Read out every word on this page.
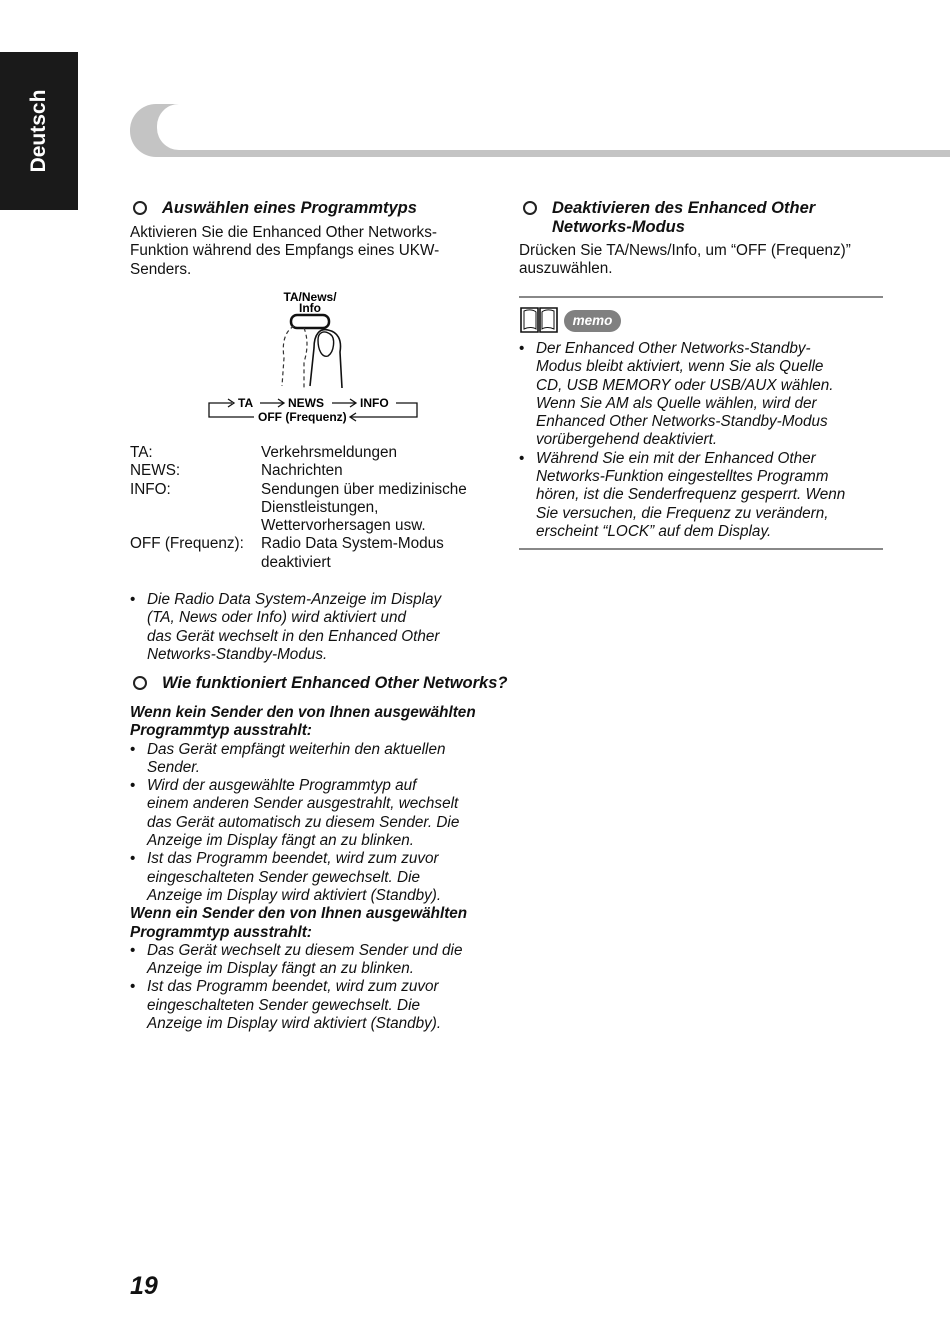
Deutsch
Auswählen eines Programmtyps
Aktivieren Sie die Enhanced Other Networks-
Funktion während des Empfangs eines UKW-
Senders.
TA/News/
Info
TA	NEWS	INFO
OFF (Frequenz)
TA:	Verkehrsmeldungen
NEWS:	Nachrichten
INFO:	Sendungen über medizinische
Dienstleistungen,
Wettervorhersagen usw.

OFF (Frequenz):	Radio Data System-Modus
deaktiviert
• Die Radio Data System-Anzeige im Display
(TA, News oder Info) wird aktiviert und
das Gerät wechselt in den Enhanced Other
Networks-Standby-Modus.
Wie funktioniert Enhanced Other Networks?
Wenn kein Sender den von Ihnen ausgewählten
Programmtyp ausstrahlt:
• Das Gerät empfängt weiterhin den aktuellen
Sender.
• Wird der ausgewählte Programmtyp auf
einem anderen Sender ausgestrahlt, wechselt
das Gerät automatisch zu diesem Sender. Die
Anzeige im Display fängt an zu blinken.
• Ist das Programm beendet, wird zum zuvor
eingeschalteten Sender gewechselt. Die
Anzeige im Display wird aktiviert (Standby).
Wenn ein Sender den von Ihnen ausgewählten
Programmtyp ausstrahlt:
• Das Gerät wechselt zu diesem Sender und die
Anzeige im Display fängt an zu blinken.
• Ist das Programm beendet, wird zum zuvor
eingeschalteten Sender gewechselt. Die
Anzeige im Display wird aktiviert (Standby).
Deaktivieren des Enhanced Other
Networks-Modus
Drücken Sie TA/News/Info, um “OFF (Frequenz)”
auszuwählen.
memo
• Der Enhanced Other Networks-Standby-
Modus bleibt aktiviert, wenn Sie als Quelle
CD, USB MEMORY oder USB/AUX wählen.
Wenn Sie AM als Quelle wählen, wird der
Enhanced Other Networks-Standby-Modus
vorübergehend deaktiviert.
• Während Sie ein mit der Enhanced Other
Networks-Funktion eingestelltes Programm
hören, ist die Senderfrequenz gesperrt. Wenn
Sie versuchen, die Frequenz zu verändern,
erscheint “LOCK” auf dem Display.
19
